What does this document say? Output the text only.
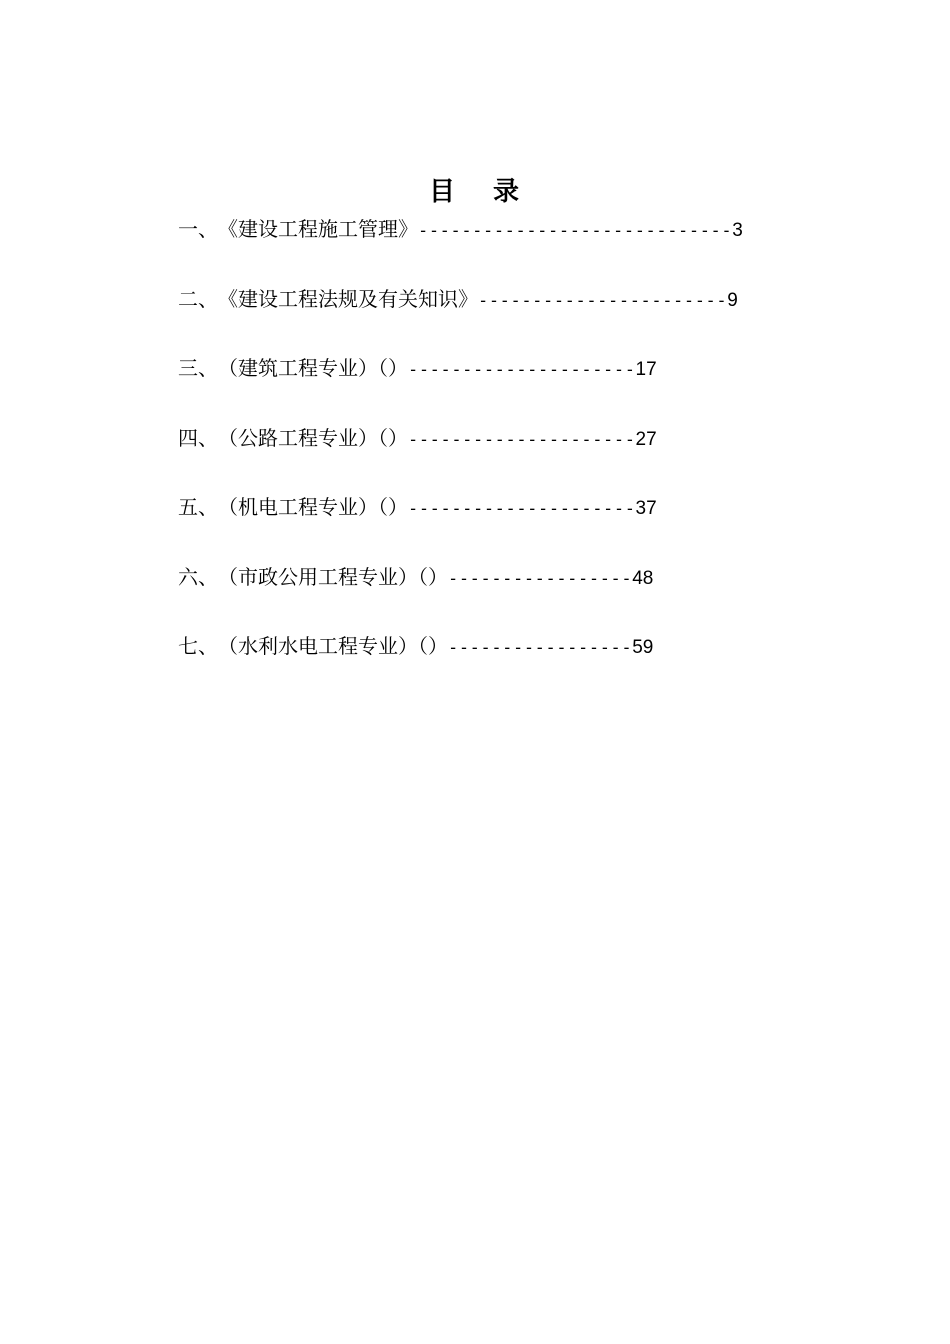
目 录
一、《建设工程施工管理》-----------------------------3
二、《建设工程法规及有关知识》-----------------------9
三、（建筑工程专业）（）---------------------17
四、（公路工程专业）（）---------------------27
五、（机电工程专业）（）---------------------37
六、（市政公用工程专业）（）-----------------48
七、（水利水电工程专业）（）-----------------59
